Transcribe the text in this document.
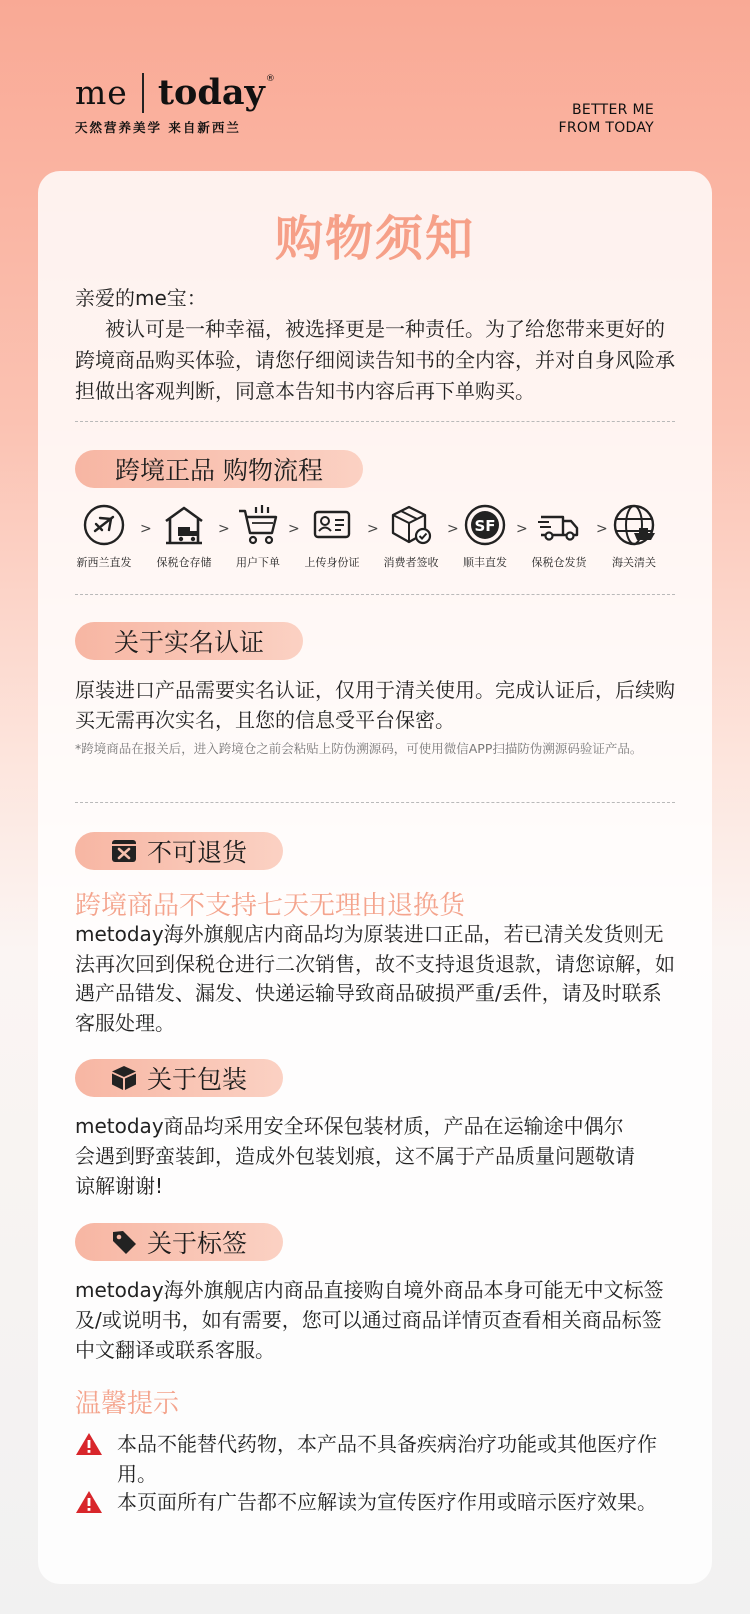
me today ®
天然营养美学 来自新西兰
BETTER ME
FROM TODAY
购物须知

亲爱的me宝：

被认可是一种幸福，被选择更是一种责任。为了给您带来更好的跨境商品购买体验，请您仔细阅读告知书的全内容，并对自身风险承担做出客观判断，同意本告知书内容后再下单购买。

跨境正品 购物流程
新西兰直发
>
保税仓存储
>
用户下单
>
上传身份证
>
消费者签收
> SF
顺丰直发
>
保税仓发货
>
海关清关
关于实名认证
原装进口产品需要实名认证，仅用于清关使用。完成认证后，后续购买无需再次实名，且您的信息受平台保密。
*跨境商品在报关后，进入跨境仓之前会粘贴上防伪溯源码，可使用微信APP扫描防伪溯源码验证产品。
不可退货
跨境商品不支持七天无理由退换货
metoday海外旗舰店内商品均为原装进口正品，若已清关发货则无法再次回到保税仓进行二次销售，故不支持退货退款，请您谅解，如遇产品错发、漏发、快递运输导致商品破损严重/丢件，请及时联系客服处理。
关于包装
metoday商品均采用安全环保包装材质，产品在运输途中偶尔会遇到野蛮装卸，造成外包装划痕，这不属于产品质量问题敬请谅解谢谢!
关于标签
metoday海外旗舰店内商品直接购自境外商品本身可能无中文标签及/或说明书，如有需要，您可以通过商品详情页查看相关商品标签中文翻译或联系客服。
温馨提示
本品不能替代药物，本产品不具备疾病治疗功能或其他医疗作用。
本页面所有广告都不应解读为宣传医疗作用或暗示医疗效果。
